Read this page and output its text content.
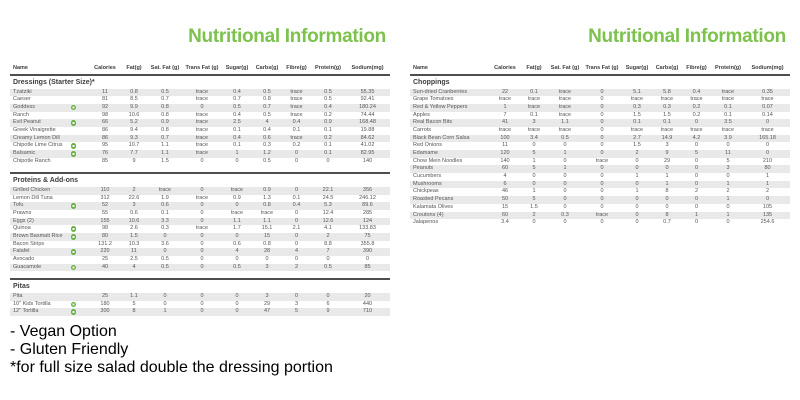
Nutritional Information
Name	Calories	Fat(g)	Sat. Fat (g)	Trans Fat (g)	Sugar(g)	Carbs(g)	Fibre(g)	Protein(g)	Sodium(mg)
Dressings (Starter Size)*
Tzatziki	11	0.8	0.5	trace	0.4	0.5	trace	0.5	55.35
Caeser	81	8.5	0.7	trace	0.7	0.8	trace	0.5	92.41
Goddess	92	9.9	0.8	0	0.5	0.7	trace	0.4	180.24
Ranch	98	10.6	0.8	trace	0.4	0.5	trace	0.2	74.44
Evil Peanut	66	5.2	0.9	trace	2.5	4	0.4	0.9	168.48
Greek Vinaigrette	86	9.4	0.8	trace	0.1	0.4	0.1	0.1	19.88
Creamy Lemon Dill	86	9.3	0.7	trace	0.4	0.6	trace	0.2	84.62
Chipotle Lime Citrus	95	10.7	1.1	trace	0.1	0.3	0.2	0.1	41.02
Balsamic	76	7.7	1.1	trace	1	1.2	0	0.1	82.95
Chipotle Ranch	85	9	1.5	0	0	0.5	0	0	140
Proteins & Add-ons
Grilled Chicken	110	2	trace	0	trace	0.9	0	22.1	356
Lemon Dill Tuna	312	22.6	1.9	trace	0.9	1.3	0.1	24.5	246.12
Tofu	52	3	0.6	0	0	0.8	0.4	5.3	89.6
Prawns	55	0.6	0.1	0	trace	trace	0	12.4	285
Eggs (2)	155	10.6	3.3	0	1.1	1.1	0	12.6	124
Quinoa	98	2.6	0.3	trace	1.7	15.1	2.1	4.1	133.83
Brown Basmati Rice	80	1.5	0	0	0	15	0	2	75
Bacon Strips	131.2	10.3	3.6	0	0.6	0.8	0	8.8	355.8
Falafel	220	11	0	0	4	28	4	7	390
Avocado	25	2.5	0.5	0	0	0	0	0	0
Guacamole	40	4	0.5	0	0.5	3	2	0.5	85
Pitas
Pita	25	1.1	0	0	0	3	0	0	20
10" Kids Tortilla	180	5	0	0	0	29	3	6	440
12" Tortilla	300	8	1	0	0	47	5	9	710
- Vegan Option
- Gluten Friendly
*for full size salad double the dressing portion
Nutritional Information
Name	Calories	Fat(g)	Sat. Fat (g)	Trans Fat (g)	Sugar(g)	Carbs(g)	Fibre(g)	Protein(g)	Sodium(mg)
Choppings
Sun-dried Cranberries	22	0.1	trace	0	5.1	5.8	0.4	trace	0.35
Grape Tomatoes	trace	trace	trace	0	trace	trace	trace	trace	trace
Red & Yellow Peppers	1	trace	trace	0	0.3	0.3	0.2	0.1	0.07
Apples	7	0.1	trace	0	1.5	1.5	0.2	0.1	0.14
Real Bacon Bits	41	3	1.1	0	0.1	0.1	0	3.5	0
Carrots	trace	trace	trace	0	trace	trace	trace	trace	trace
Black Bean Corn Salsa	100	3.4	0.5	0	2.7	14.9	4.2	3.9	165.18
Red Onions	11	0	0	0	1.5	3	0	0	0
Edamame	120	5	1	0	2	9	5	11	0
Chow Mein Noodles	140	1	0	trace	0	29	0	5	210
Peanuts	60	5	1	0	0	0	0	3	80
Cucumbers	4	0	0	0	1	1	0	0	1
Mushrooms	6	0	0	0	0	1	0	1	1
Chickpeas	46	1	0	0	1	8	2	2	2
Roasted Pecans	50	5	0	0	0	0	0	1	0
Kalamata Olives	15	1.5	0	0	0	0	0	0	105
Croutons (4)	60	2	0.3	trace	0	8	1	1	135
Jalapenos	3.4	0	0	0	0	0.7	0	0	254.6
